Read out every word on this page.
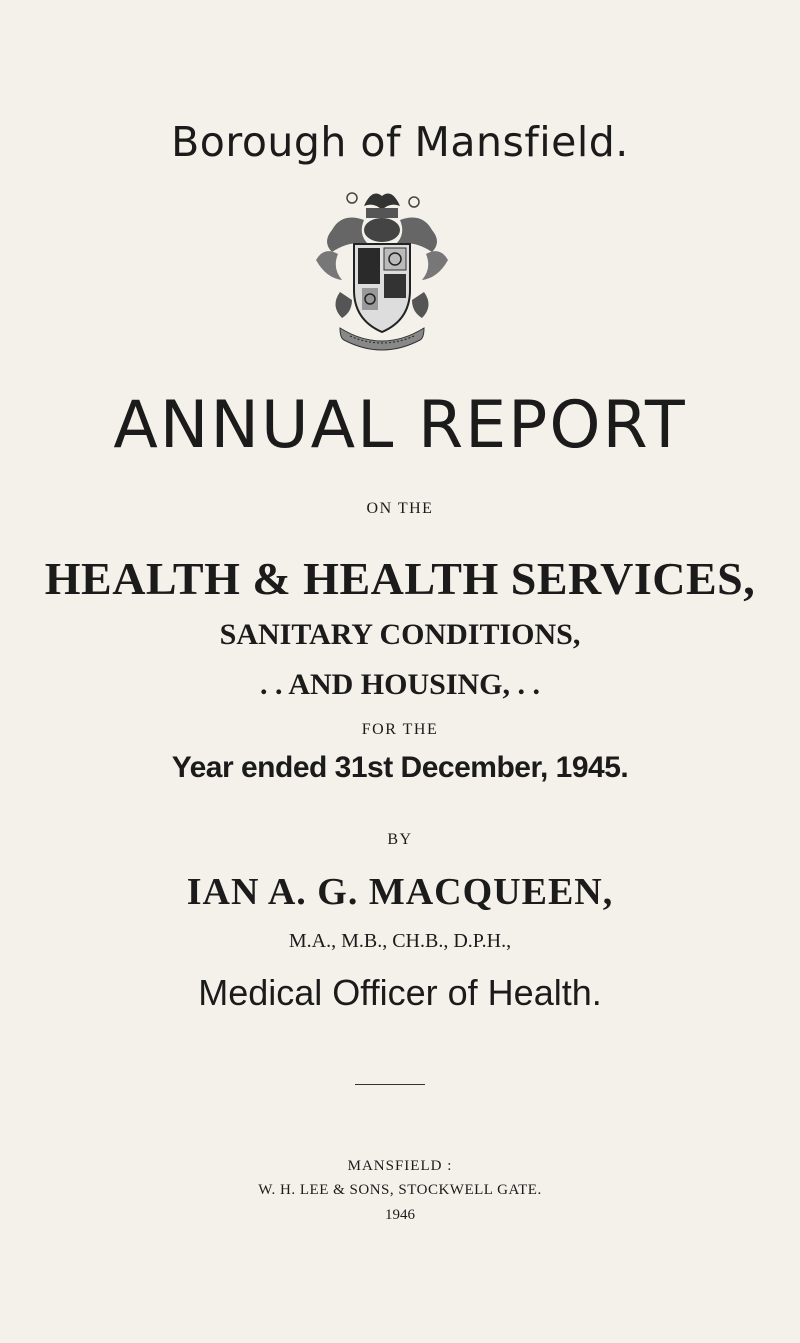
Borough of Mansfield.
ANNUAL REPORT
ON THE
HEALTH & HEALTH SERVICES,
SANITARY CONDITIONS,
. . AND HOUSING, . .
FOR THE
Year ended 31st December, 1945.
BY
IAN A. G. MACQUEEN,
M.A., M.B., CH.B., D.P.H.,
Medical Officer of Health.
MANSFIELD :
W. H. LEE & SONS, STOCKWELL GATE.
1946
